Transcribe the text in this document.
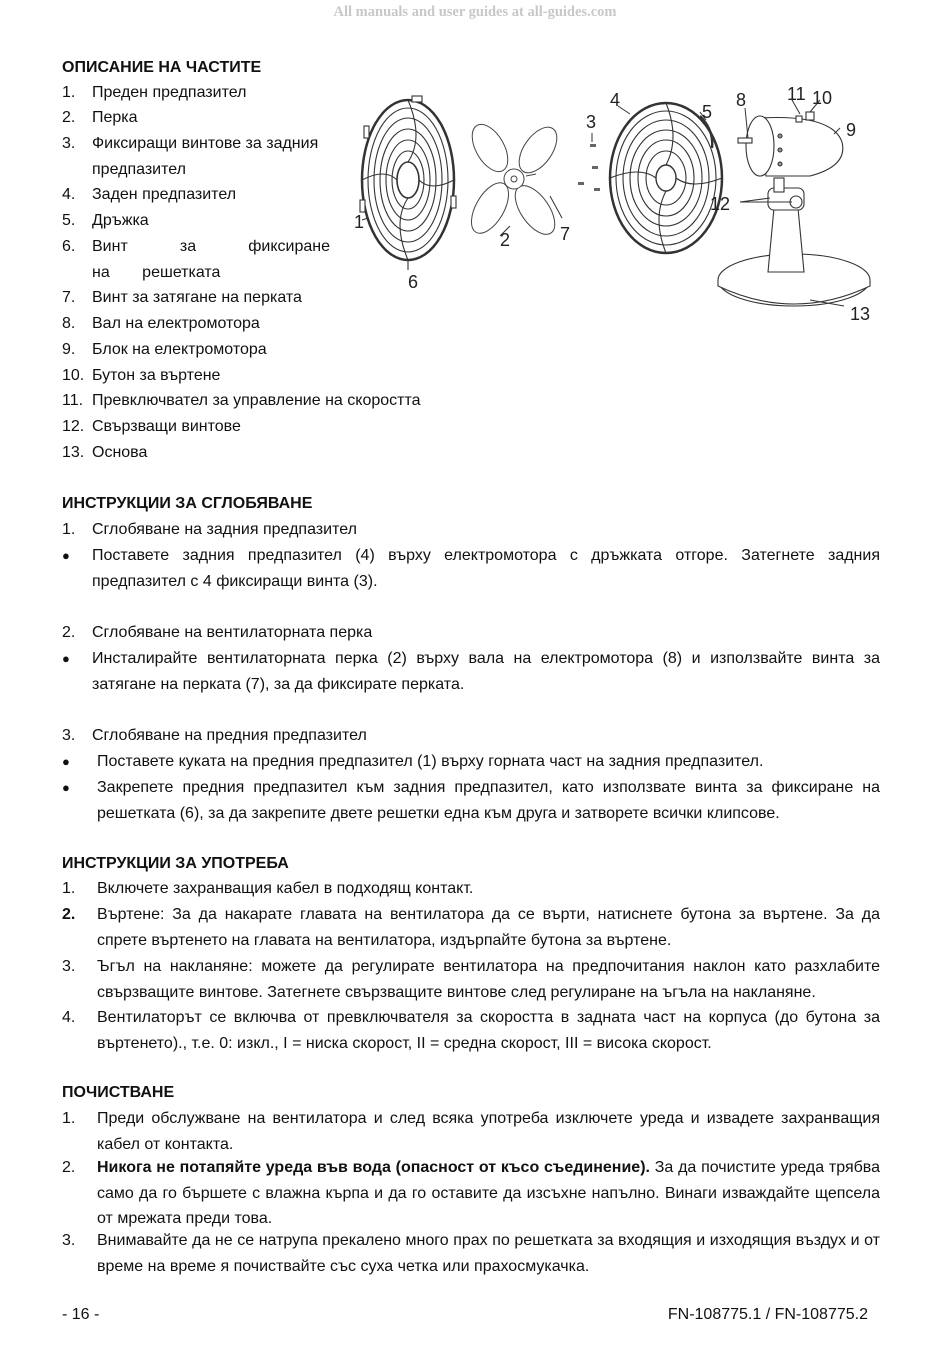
All manuals and user guides at all-guides.com
ОПИСАНИЕ НА ЧАСТИТЕ
1. Преден предпазител
2. Перка
3. Фиксиращи винтове за задния предпазител
4. Заден предпазител
5. Дръжка
6. Винт за фиксиране на решетката
7. Винт за затягане на перката
8. Вал на електромотора
9. Блок на електромотора
10. Бутон за въртене
11. Превключвател за управление на скоростта
12. Свързващи винтове
13. Основа
1
2
3
4
5
6
7
8
9
10
11
12
13
ИНСТРУКЦИИ ЗА СГЛОБЯВАНЕ
1. Сглобяване на задния предпазител
● Поставете задния предпазител (4) върху електромотора с дръжката отгоре. Затегнете задния предпазител с 4 фиксиращи винта (3).
2. Сглобяване на вентилаторната перка
● Инсталирайте вентилаторната перка (2) върху вала на електромотора (8) и използвайте винта за затягане на перката (7), за да фиксирате перката.
3. Сглобяване на предния предпазител
● Поставете куката на предния предпазител (1) върху горната част на задния предпазител.
● Закрепете предния предпазител към задния предпазител, като използвате винта за фиксиране на решетката (6), за да закрепите двете решетки една към друга и затворете всички клипсове.
ИНСТРУКЦИИ ЗА УПОТРЕБА
1. Включете захранващия кабел в подходящ контакт.
2. Въртене: За да накарате главата на вентилатора да се върти, натиснете бутона за въртене. За да спрете въртенето на главата на вентилатора, издърпайте бутона за въртене.
3. Ъгъл на накланяне: можете да регулирате вентилатора на предпочитания наклон като разхлабите свързващите винтове. Затегнете свързващите винтове след регулиране на ъгъла на накланяне.
4. Вентилаторът се включва от превключвателя за скоростта в задната част на корпуса (до бутона за въртенето)., т.е. 0: изкл., I = ниска скорост, II = средна скорост, III = висока скорост.
ПОЧИСТВАНЕ
1. Преди обслужване на вентилатора и след всяка употреба изключете уреда и извадете захранващия кабел от контакта.
2. Никога не потапяйте уреда във вода (опасност от късо съединение). За да почистите уреда трябва само да го бършете с влажна кърпа и да го оставите да изсъхне напълно. Винаги изваждайте щепсела от мрежата преди това.
3. Внимавайте да не се натрупа прекалено много прах по решетката за входящия и изходящия въздух и от време на време я почиствайте със суха четка или прахосмукачка.
- 16 -	FN-108775.1 / FN-108775.2
